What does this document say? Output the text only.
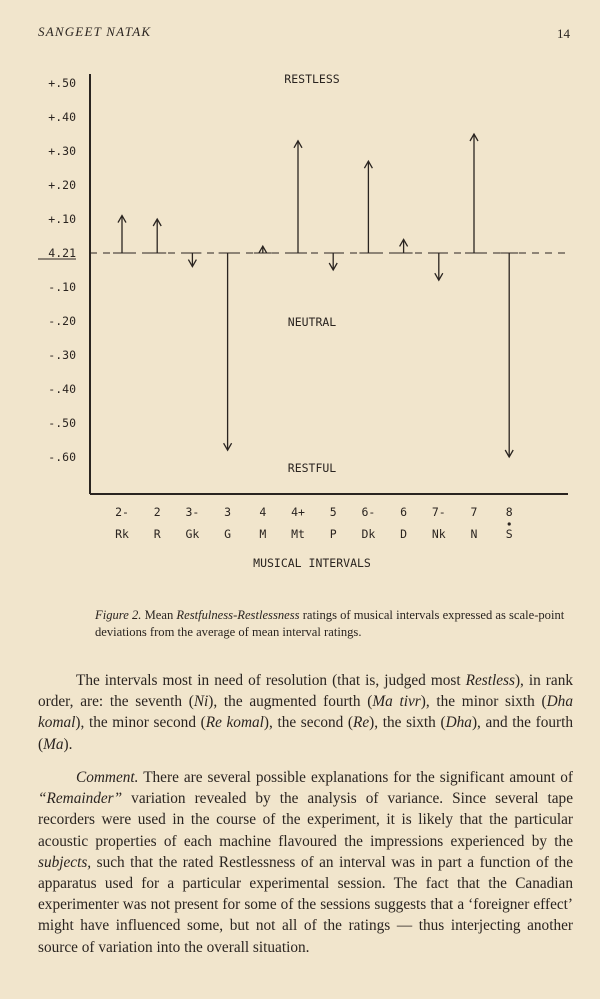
SANGEET NATAK	14
+.50
+.40
+.30
+.20
+.10
4.21
-.10
-.20
-.30
-.40
-.50
-.60
RESTLESS
NEUTRAL
RESTFUL
2-
Rk
2
R
3-
Gk
3
G
4
M
4+
Mt
5
P
6-
Dk
6
D
7-
Nk
7
N
8
S
MUSICAL INTERVALS
Figure 2. Mean Restfulness-Restlessness ratings of musical intervals expressed as scale-point deviations from the average of mean interval ratings.

The intervals most in need of resolution (that is, judged most Restless), in rank order, are: the seventh (Ni), the augmented fourth (Ma tivr), the minor sixth (Dha komal), the minor second (Re komal), the second (Re), the sixth (Dha), and the fourth (Ma).

Comment. There are several possible explanations for the significant amount of “Remainder” variation revealed by the analysis of variance. Since several tape recorders were used in the course of the experiment, it is likely that the particular acoustic properties of each machine flavoured the impressions experienced by the subjects, such that the rated Restlessness of an interval was in part a function of the apparatus used for a particular experimental session. The fact that the Canadian experimenter was not present for some of the sessions suggests that a ‘foreigner effect’ might have influenced some, but not all of the ratings — thus interjecting another source of variation into the overall situation.
